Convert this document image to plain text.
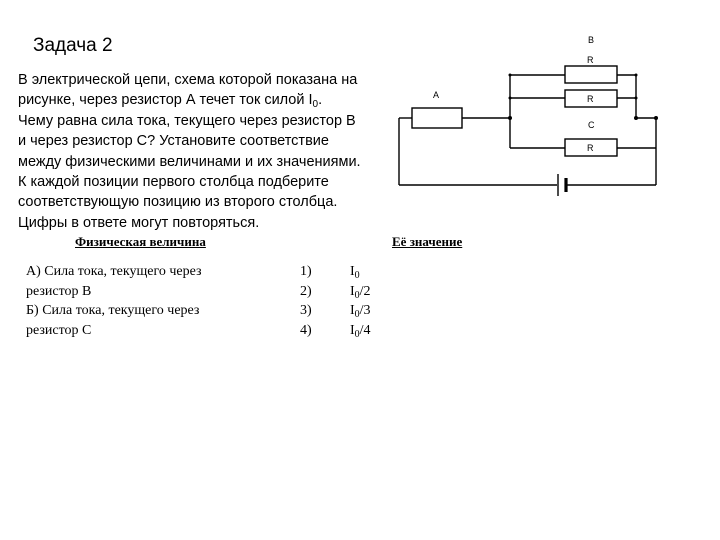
Задача 2
В электрической цепи, схема которой показана на
рисунке, через резистор А течет ток силой $I_0$.
Чему равна сила тока, текущего через резистор В
и через резистор С? Установите соответствие
между физическими величинами и их значениями.
К каждой позиции первого столбца подберите
соответствующую позицию из второго столбца.
Цифры в ответе могут повторяться.
A
B
C
R
R
R
Физическая величина	Её значение
А) Сила тока, текущего через
резистор В
Б) Сила тока, текущего через
резистор С
1)
2)
3)
4)
$I_0$
$I_0/2$
$I_0/3$
$I_0/4$
